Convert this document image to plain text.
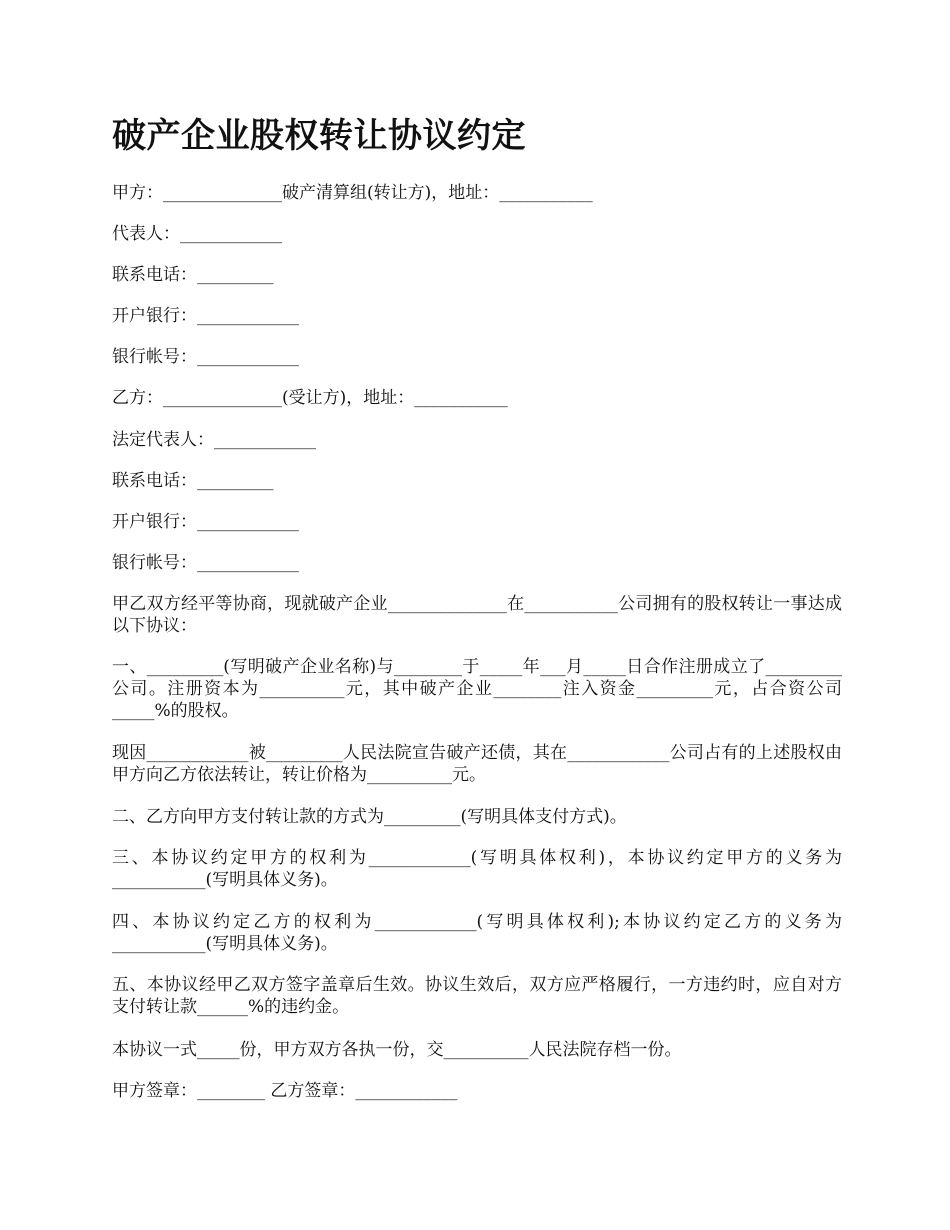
破产企业股权转让协议约定
甲方：______________破产清算组(转让方)，地址：___________
代表人：____________
联系电话：_________
开户银行：____________
银行帐号：____________
乙方：______________(受让方)，地址：___________
法定代表人：____________
联系电话：_________
开户银行：____________
银行帐号：____________
甲乙双方经平等协商，现就破产企业______________在___________公司拥有的股权转让一事达成以下协议：
一、_________(写明破产企业名称)与________于_____年___月_____日合作注册成立了_________公司。注册资本为__________元，其中破产企业________注入资金_________元，占合资公司_____%的股权。
现因____________被_________人民法院宣告破产还债，其在____________公司占有的上述股权由甲方向乙方依法转让，转让价格为__________元。
二、乙方向甲方支付转让款的方式为_________(写明具体支付方式)。
三、本协议约定甲方的权利为____________(写明具体权利)，本协议约定甲方的义务为___________(写明具体义务)。
四、本协议约定乙方的权利为____________(写明具体权利);本协议约定乙方的义务为___________(写明具体义务)。
五、本协议经甲乙双方签字盖章后生效。协议生效后，双方应严格履行，一方违约时，应自对方支付转让款______%的违约金。
本协议一式_____份，甲方双方各执一份，交__________人民法院存档一份。
甲方签章：________ 乙方签章：____________
